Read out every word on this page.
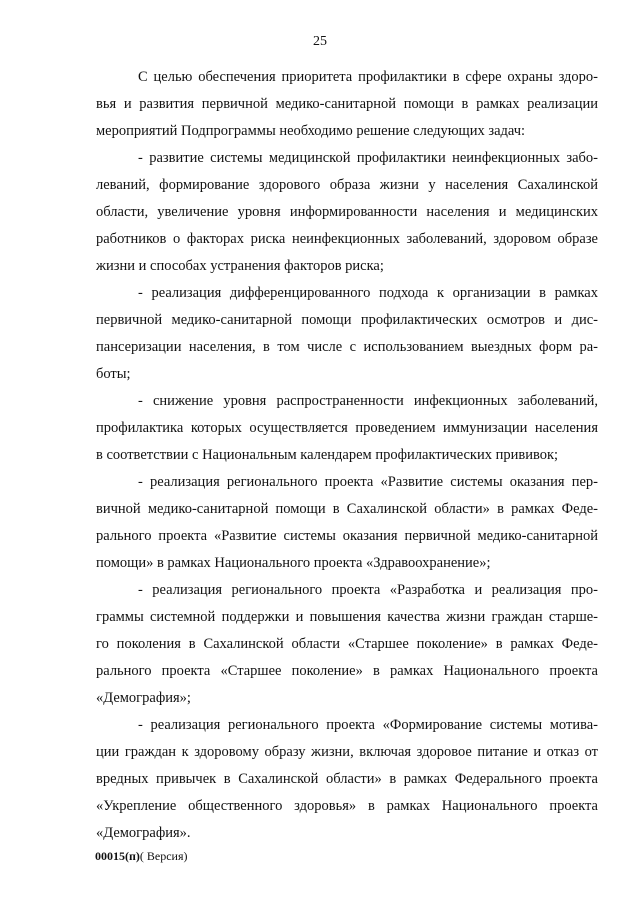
25
С целью обеспечения приоритета профилактики в сфере охраны здоро-
вья и развития первичной медико-санитарной помощи в рамках реализации
мероприятий Подпрограммы необходимо решение следующих задач:
- развитие системы медицинской профилактики неинфекционных забо-
леваний, формирование здорового образа жизни у населения Сахалинской
области, увеличение уровня информированности населения и медицинских
работников о факторах риска неинфекционных заболеваний, здоровом образе
жизни и способах устранения факторов риска;
- реализация дифференцированного подхода к организации в рамках
первичной медико-санитарной помощи профилактических осмотров и дис-
пансеризации населения, в том числе с использованием выездных форм ра-
боты;
- снижение уровня распространенности инфекционных заболеваний,
профилактика которых осуществляется проведением иммунизации населения
в соответствии с Национальным календарем профилактических прививок;
- реализация регионального проекта «Развитие системы оказания пер-
вичной медико-санитарной помощи в Сахалинской области» в рамках Феде-
рального проекта «Развитие системы оказания первичной медико-санитарной
помощи» в рамках Национального проекта «Здравоохранение»;
- реализация регионального проекта «Разработка и реализация про-
граммы системной поддержки и повышения качества жизни граждан старше-
го поколения в Сахалинской области «Старшее поколение» в рамках Феде-
рального проекта «Старшее поколение» в рамках Национального проекта
«Демография»;
- реализация регионального проекта «Формирование системы мотива-
ции граждан к здоровому образу жизни, включая здоровое питание и отказ от
вредных привычек в Сахалинской области» в рамках Федерального проекта
«Укрепление общественного здоровья» в рамках Национального проекта
«Демография».
00015(п)( Версия)
